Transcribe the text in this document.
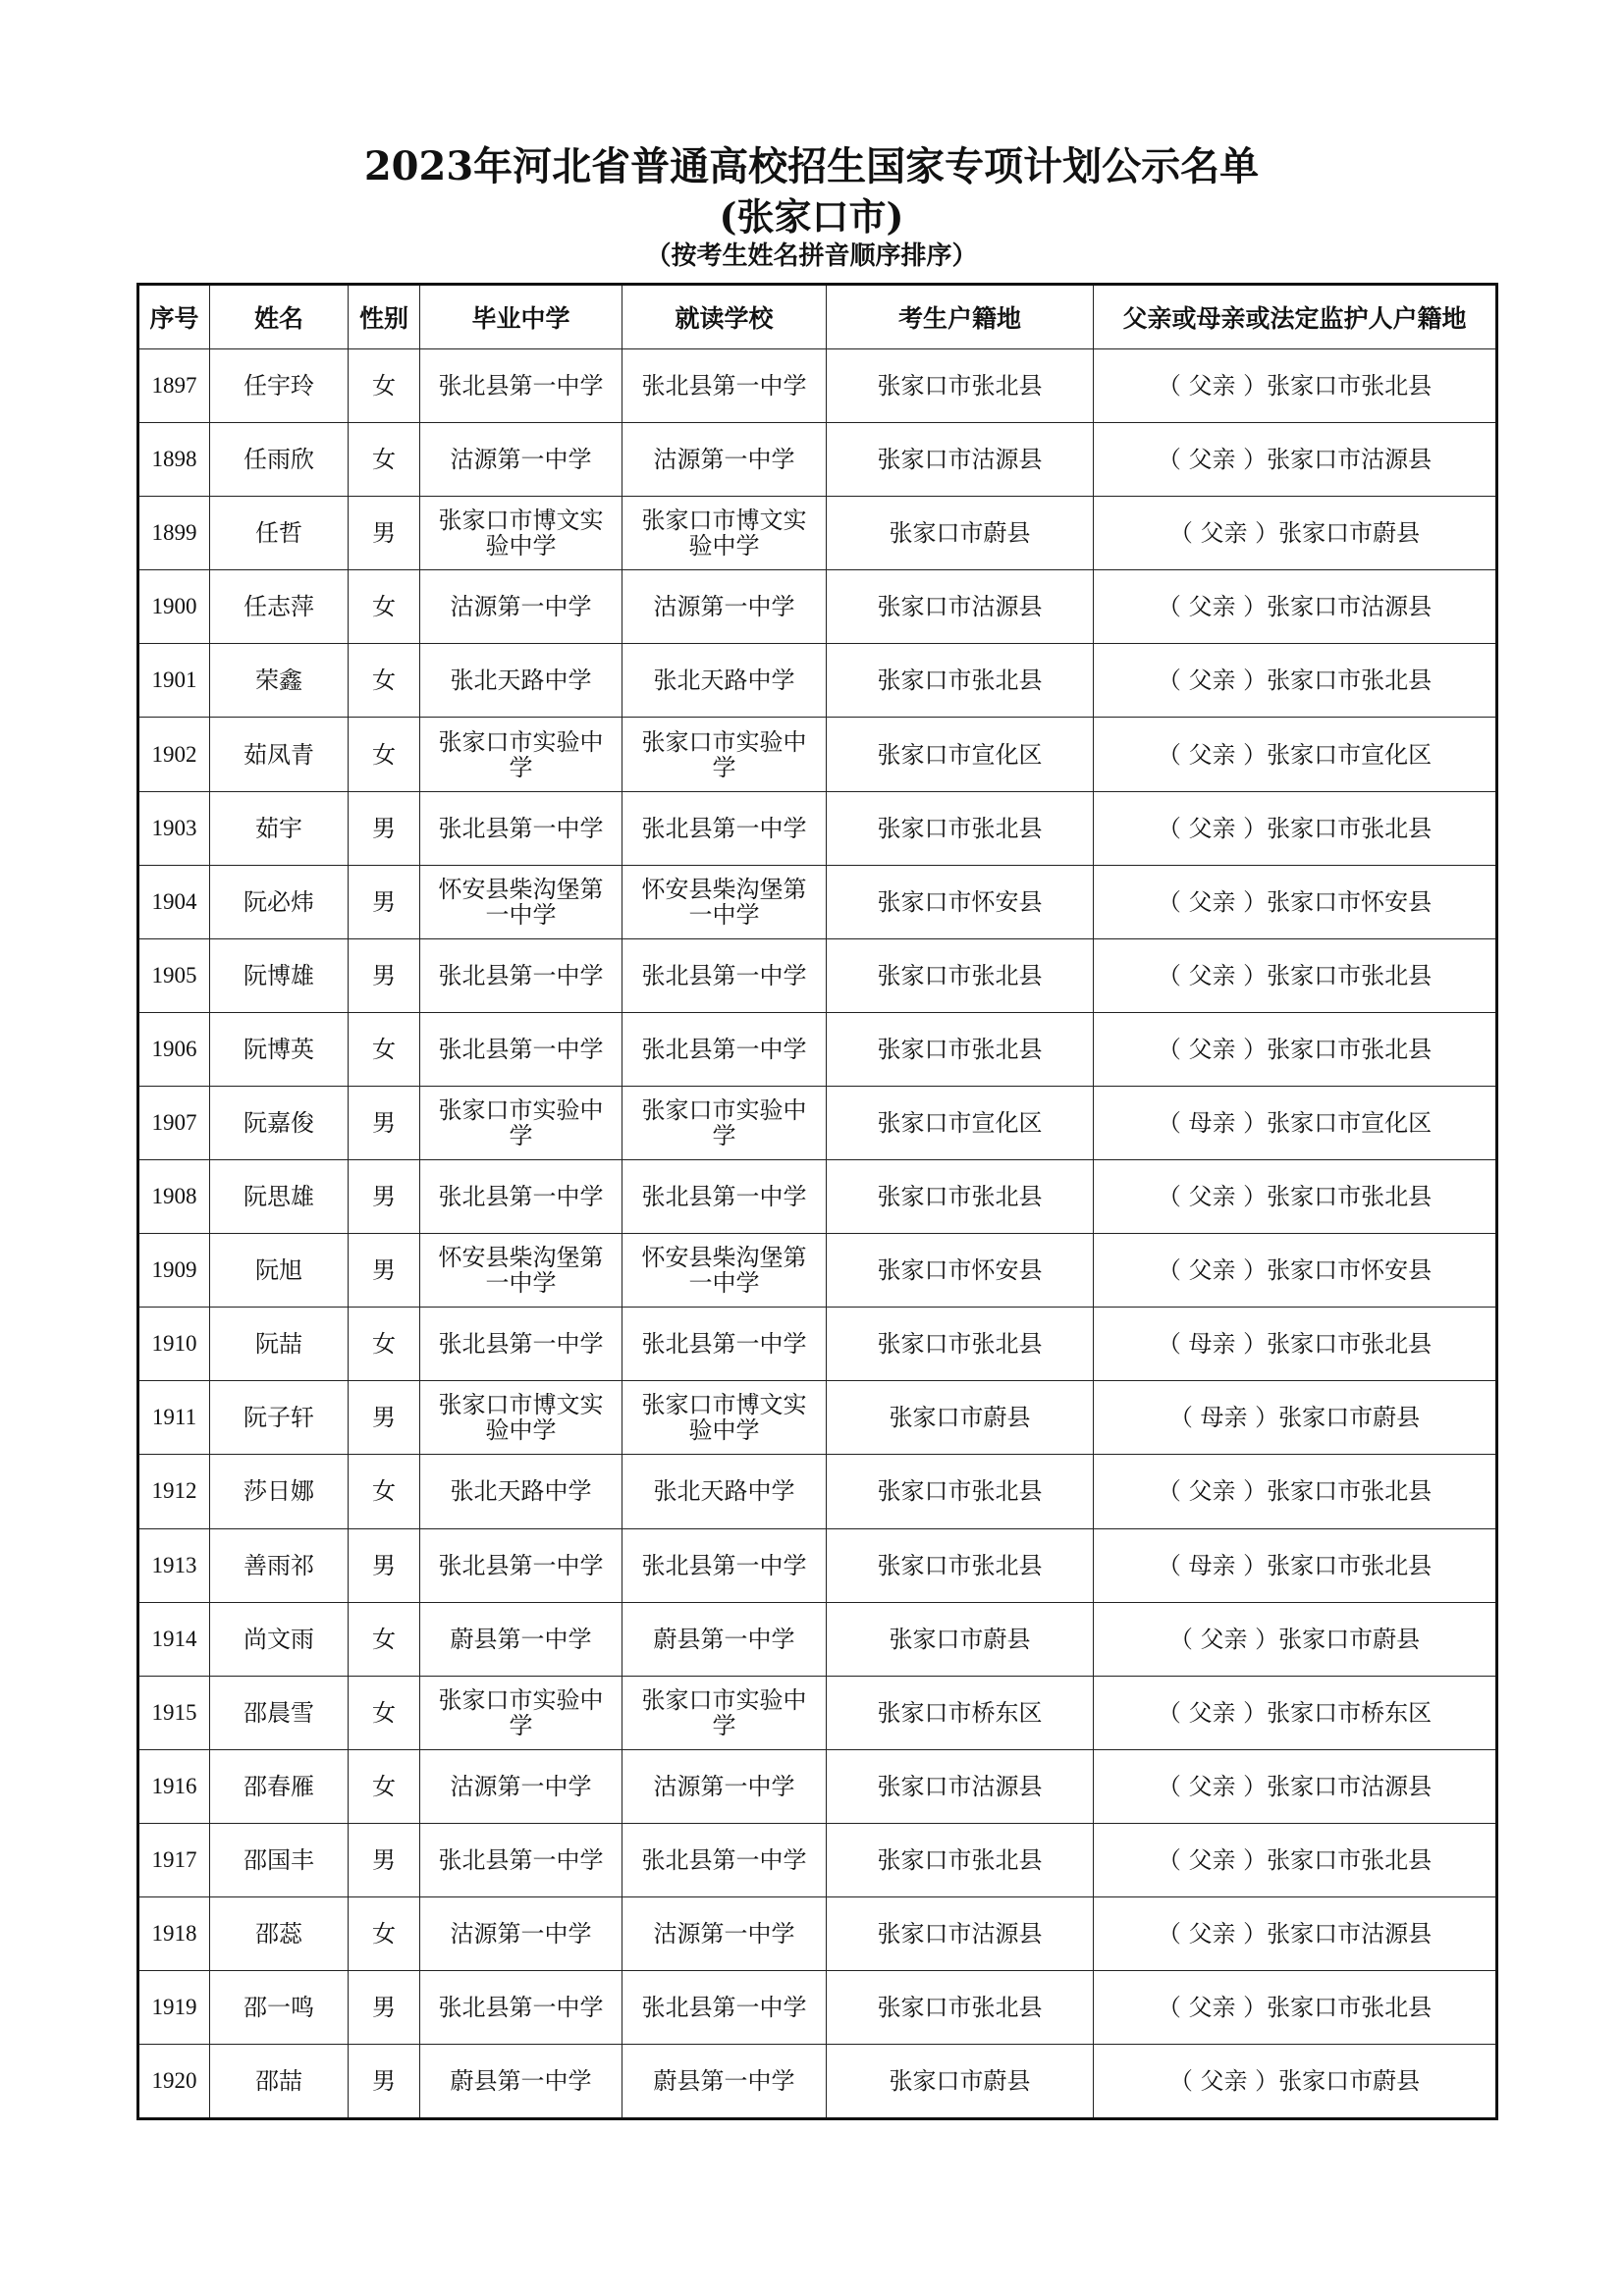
2023年河北省普通高校招生国家专项计划公示名单
(张家口市)
（按考生姓名拼音顺序排序）
序号	姓名	性别	毕业中学	就读学校	考生户籍地	父亲或母亲或法定监护人户籍地
1897	任宇玲	女	张北县第一中学	张北县第一中学	张家口市张北县	（ 父亲 ）张家口市张北县
1898	任雨欣	女	沽源第一中学	沽源第一中学	张家口市沽源县	（ 父亲 ）张家口市沽源县
1899	任哲	男	张家口市博文实验中学	张家口市博文实验中学	张家口市蔚县	（ 父亲 ）张家口市蔚县
1900	任志萍	女	沽源第一中学	沽源第一中学	张家口市沽源县	（ 父亲 ）张家口市沽源县
1901	荣鑫	女	张北天路中学	张北天路中学	张家口市张北县	（ 父亲 ）张家口市张北县
1902	茹凤青	女	张家口市实验中学	张家口市实验中学	张家口市宣化区	（ 父亲 ）张家口市宣化区
1903	茹宇	男	张北县第一中学	张北县第一中学	张家口市张北县	（ 父亲 ）张家口市张北县
1904	阮必炜	男	怀安县柴沟堡第一中学	怀安县柴沟堡第一中学	张家口市怀安县	（ 父亲 ）张家口市怀安县
1905	阮博雄	男	张北县第一中学	张北县第一中学	张家口市张北县	（ 父亲 ）张家口市张北县
1906	阮博英	女	张北县第一中学	张北县第一中学	张家口市张北县	（ 父亲 ）张家口市张北县
1907	阮嘉俊	男	张家口市实验中学	张家口市实验中学	张家口市宣化区	（ 母亲 ）张家口市宣化区
1908	阮思雄	男	张北县第一中学	张北县第一中学	张家口市张北县	（ 父亲 ）张家口市张北县
1909	阮旭	男	怀安县柴沟堡第一中学	怀安县柴沟堡第一中学	张家口市怀安县	（ 父亲 ）张家口市怀安县
1910	阮喆	女	张北县第一中学	张北县第一中学	张家口市张北县	（ 母亲 ）张家口市张北县
1911	阮子轩	男	张家口市博文实验中学	张家口市博文实验中学	张家口市蔚县	（ 母亲 ）张家口市蔚县
1912	莎日娜	女	张北天路中学	张北天路中学	张家口市张北县	（ 父亲 ）张家口市张北县
1913	善雨祁	男	张北县第一中学	张北县第一中学	张家口市张北县	（ 母亲 ）张家口市张北县
1914	尚文雨	女	蔚县第一中学	蔚县第一中学	张家口市蔚县	（ 父亲 ）张家口市蔚县
1915	邵晨雪	女	张家口市实验中学	张家口市实验中学	张家口市桥东区	（ 父亲 ）张家口市桥东区
1916	邵春雁	女	沽源第一中学	沽源第一中学	张家口市沽源县	（ 父亲 ）张家口市沽源县
1917	邵国丰	男	张北县第一中学	张北县第一中学	张家口市张北县	（ 父亲 ）张家口市张北县
1918	邵蕊	女	沽源第一中学	沽源第一中学	张家口市沽源县	（ 父亲 ）张家口市沽源县
1919	邵一鸣	男	张北县第一中学	张北县第一中学	张家口市张北县	（ 父亲 ）张家口市张北县
1920	邵喆	男	蔚县第一中学	蔚县第一中学	张家口市蔚县	（ 父亲 ）张家口市蔚县
